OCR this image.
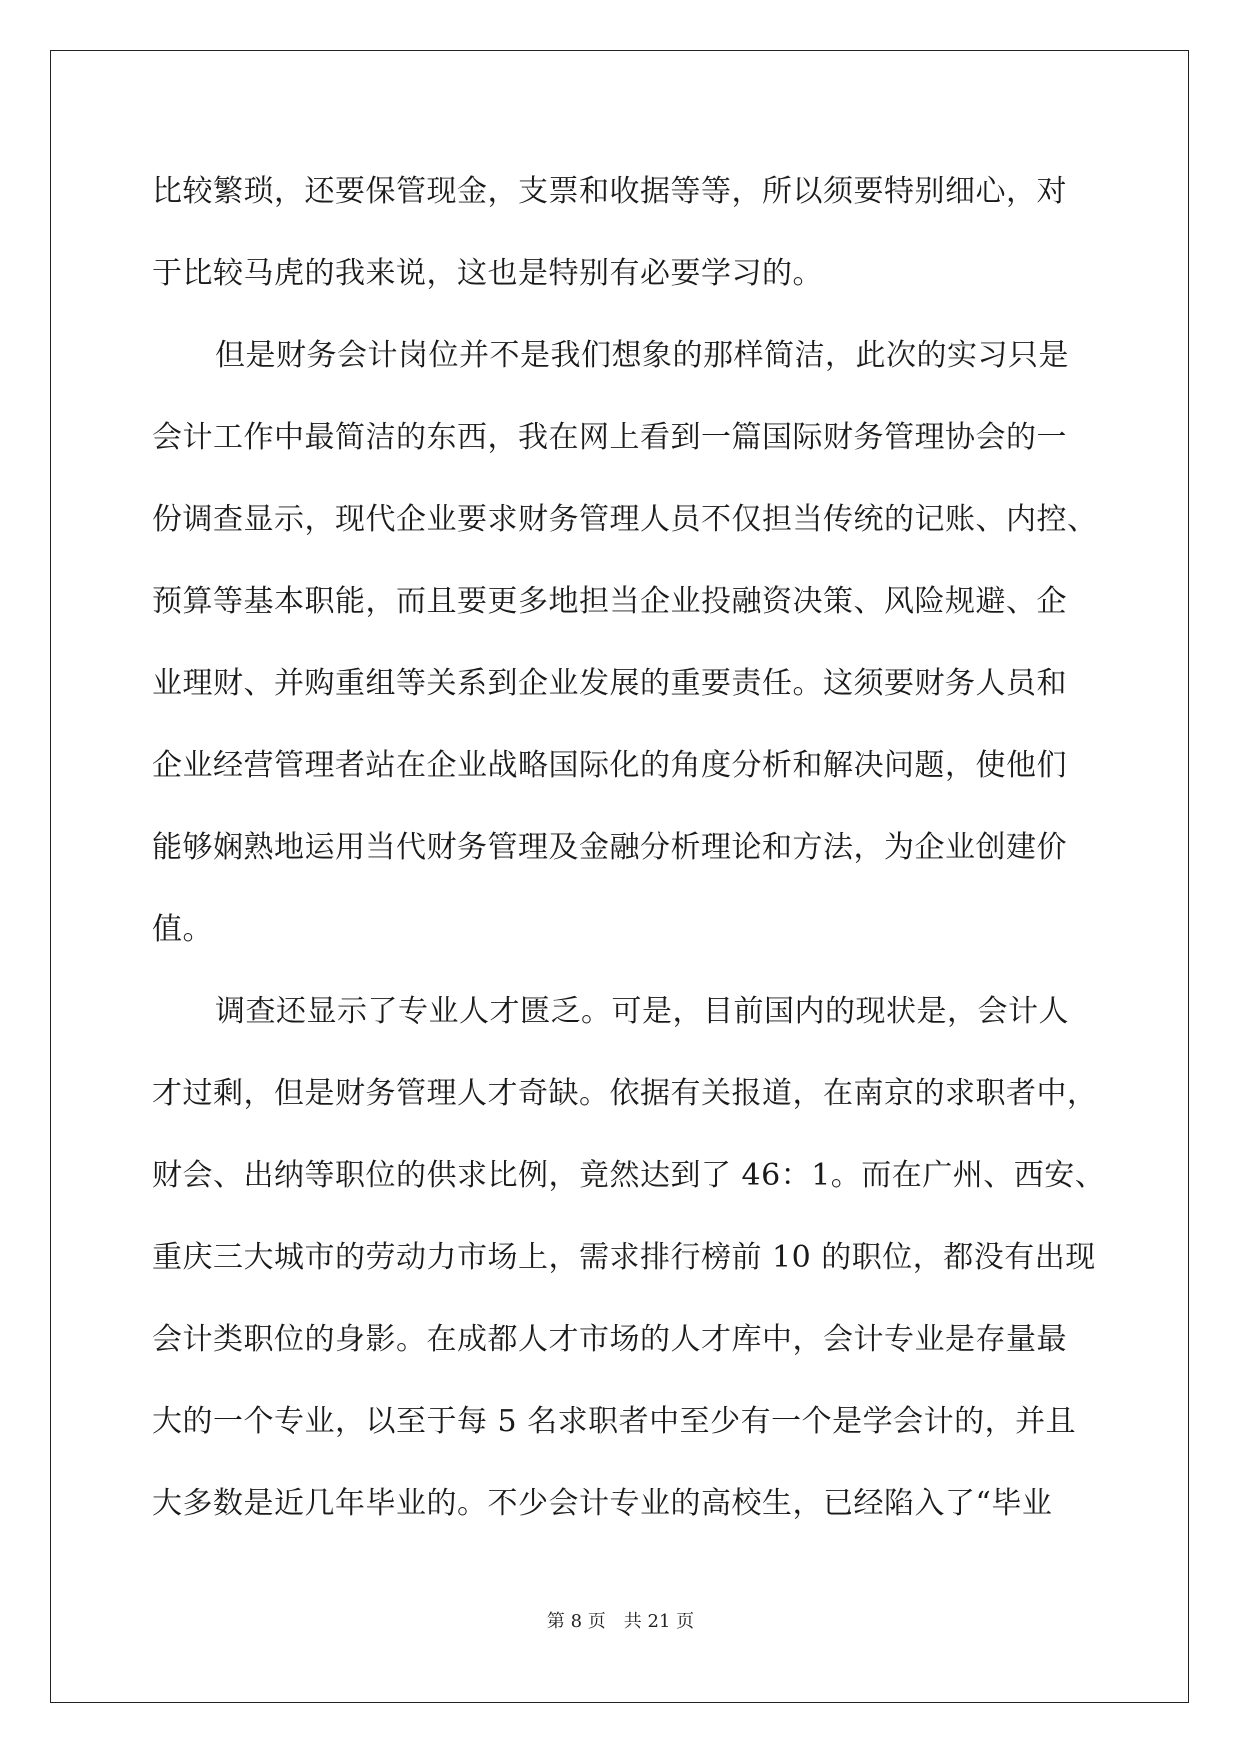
比较繁琐，还要保管现金，支票和收据等等，所以须要特别细心，对
于比较马虎的我来说，这也是特别有必要学习的。
但是财务会计岗位并不是我们想象的那样简洁，此次的实习只是
会计工作中最简洁的东西，我在网上看到一篇国际财务管理协会的一
份调查显示，现代企业要求财务管理人员不仅担当传统的记账、内控、
预算等基本职能，而且要更多地担当企业投融资决策、风险规避、企
业理财、并购重组等关系到企业发展的重要责任。这须要财务人员和
企业经营管理者站在企业战略国际化的角度分析和解决问题，使他们
能够娴熟地运用当代财务管理及金融分析理论和方法，为企业创建价
值。
调查还显示了专业人才匮乏。可是，目前国内的现状是，会计人
才过剩，但是财务管理人才奇缺。依据有关报道，在南京的求职者中，
财会、出纳等职位的供求比例，竟然达到了 46：1。而在广州、西安、
重庆三大城市的劳动力市场上，需求排行榜前 10 的职位，都没有出现
会计类职位的身影。在成都人才市场的人才库中，会计专业是存量最
大的一个专业，以至于每 5 名求职者中至少有一个是学会计的，并且
大多数是近几年毕业的。不少会计专业的高校生，已经陷入了“毕业
第 8 页 共 21 页
